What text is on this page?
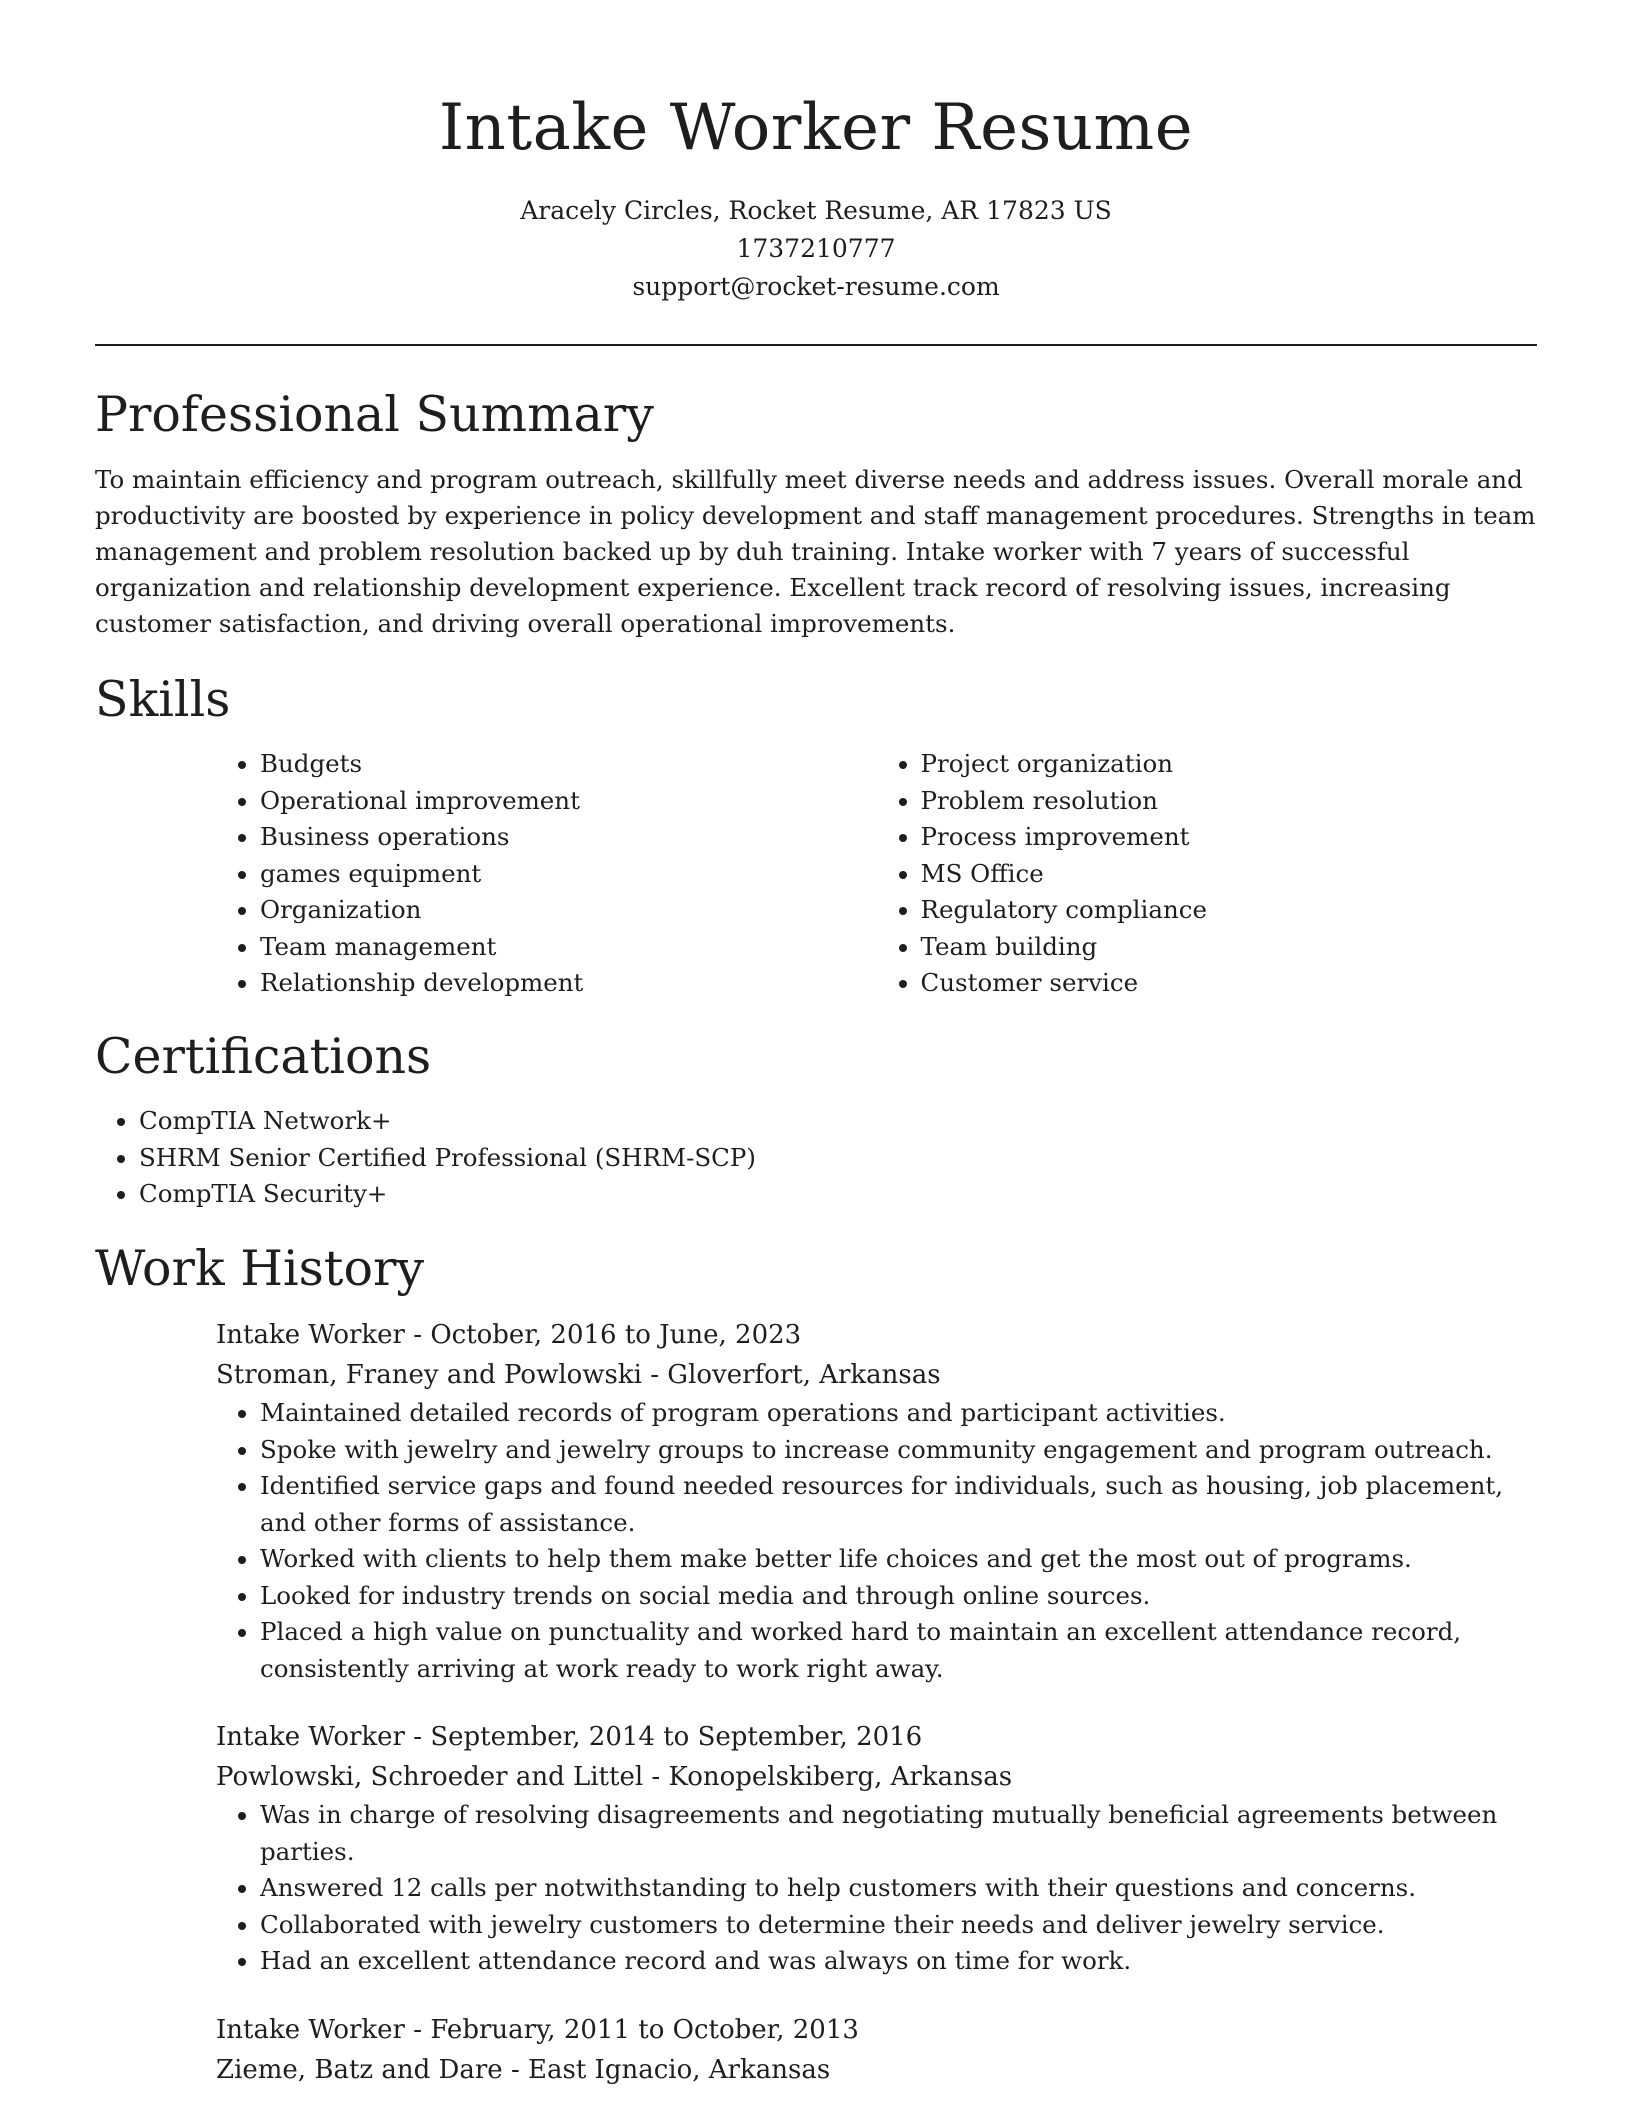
Intake Worker Resume
Aracely Circles, Rocket Resume, AR 17823 US
1737210777
support@rocket-resume.com
Professional Summary

To maintain efficiency and program outreach, skillfully meet diverse needs and address issues. Overall morale and productivity are boosted by experience in policy development and staff management procedures. Strengths in team management and problem resolution backed up by duh training. Intake worker with 7 years of successful organization and relationship development experience. Excellent track record of resolving issues, increasing customer satisfaction, and driving overall operational improvements.

Skills
• Budgets
• Operational improvement
• Business operations
• games equipment
• Organization
• Team management
• Relationship development
• Project organization
• Problem resolution
• Process improvement
• MS Office
• Regulatory compliance
• Team building
• Customer service
Certifications
• CompTIA Network+
• SHRM Senior Certified Professional (SHRM-SCP)
• CompTIA Security+
Work History
Intake Worker - October, 2016 to June, 2023
Stroman, Franey and Powlowski - Gloverfort, Arkansas
• Maintained detailed records of program operations and participant activities.
• Spoke with jewelry and jewelry groups to increase community engagement and program outreach.
• Identified service gaps and found needed resources for individuals, such as housing, job placement, and other forms of assistance.
• Worked with clients to help them make better life choices and get the most out of programs.
• Looked for industry trends on social media and through online sources.
• Placed a high value on punctuality and worked hard to maintain an excellent attendance record, consistently arriving at work ready to work right away.
Intake Worker - September, 2014 to September, 2016
Powlowski, Schroeder and Littel - Konopelskiberg, Arkansas
• Was in charge of resolving disagreements and negotiating mutually beneficial agreements between parties.
• Answered 12 calls per notwithstanding to help customers with their questions and concerns.
• Collaborated with jewelry customers to determine their needs and deliver jewelry service.
• Had an excellent attendance record and was always on time for work.
Intake Worker - February, 2011 to October, 2013
Zieme, Batz and Dare - East Ignacio, Arkansas
